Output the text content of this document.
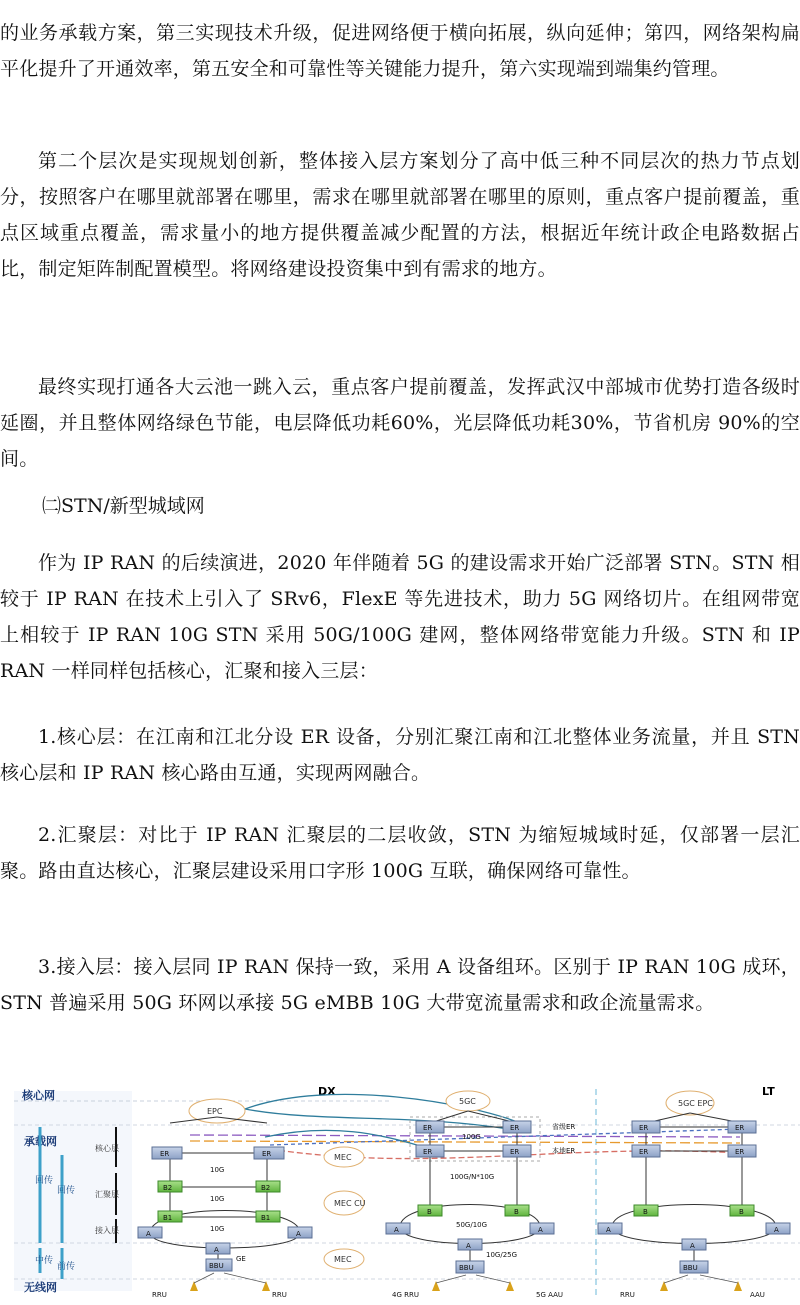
的业务承载方案，第三实现技术升级，促进网络便于横向拓展，纵向延伸；第四，网络架构扁平化提升了开通效率，第五安全和可靠性等关键能力提升，第六实现端到端集约管理。

第二个层次是实现规划创新，整体接入层方案划分了高中低三种不同层次的热力节点划分，按照客户在哪里就部署在哪里，需求在哪里就部署在哪里的原则，重点客户提前覆盖，重点区域重点覆盖，需求量小的地方提供覆盖减少配置的方法，根据近年统计政企电路数据占比，制定矩阵制配置模型。将网络建设投资集中到有需求的地方。

最终实现打通各大云池一跳入云，重点客户提前覆盖，发挥武汉中部城市优势打造各级时延圈，并且整体网络绿色节能，电层降低功耗60%，光层降低功耗30%，节省机房 90%的空间。

㈡STN/新型城域网

作为 IP RAN 的后续演进，2020 年伴随着 5G 的建设需求开始广泛部署 STN。STN 相较于 IP RAN 在技术上引入了 SRv6，FlexE 等先进技术，助力 5G 网络切片。在组网带宽上相较于 IP RAN 10G STN 采用 50G/100G 建网，整体网络带宽能力升级。STN 和 IP RAN 一样同样包括核心，汇聚和接入三层：

1.核心层：在江南和江北分设 ER 设备，分别汇聚江南和江北整体业务流量，并且 STN 核心层和 IP RAN 核心路由互通，实现两网融合。

2.汇聚层：对比于 IP RAN 汇聚层的二层收敛，STN 为缩短城域时延，仅部署一层汇聚。路由直达核心，汇聚层建设采用口字形 100G 互联，确保网络可靠性。

3.接入层：接入层同 IP RAN 保持一致，采用 A 设备组环。区别于 IP RAN 10G 成环，STN 普遍采用 50G 环网以承接 5G eMBB 10G 大带宽流量需求和政企流量需求。

核心网
承载网
无线网
回传
回传
中传
前传
核心层
汇聚层
接入层
DX	LT
EPC
5GC
MEC
MEC CU
MEC
5GC EPC
ER	ER
B2	B2
B1	B1
A	A
A
BBU
10G
10G
10G
GE
RRU	RRU
ER	ER
ER	ER
B	B
A	A
A
BBU
100G
100G/N*10G
50G/10G
10G/25G
省级ER
本地ER
4G RRU	5G AAU
ER	ER
ER	ER
B	B
A	A
A
BBU
RRU	AAU
